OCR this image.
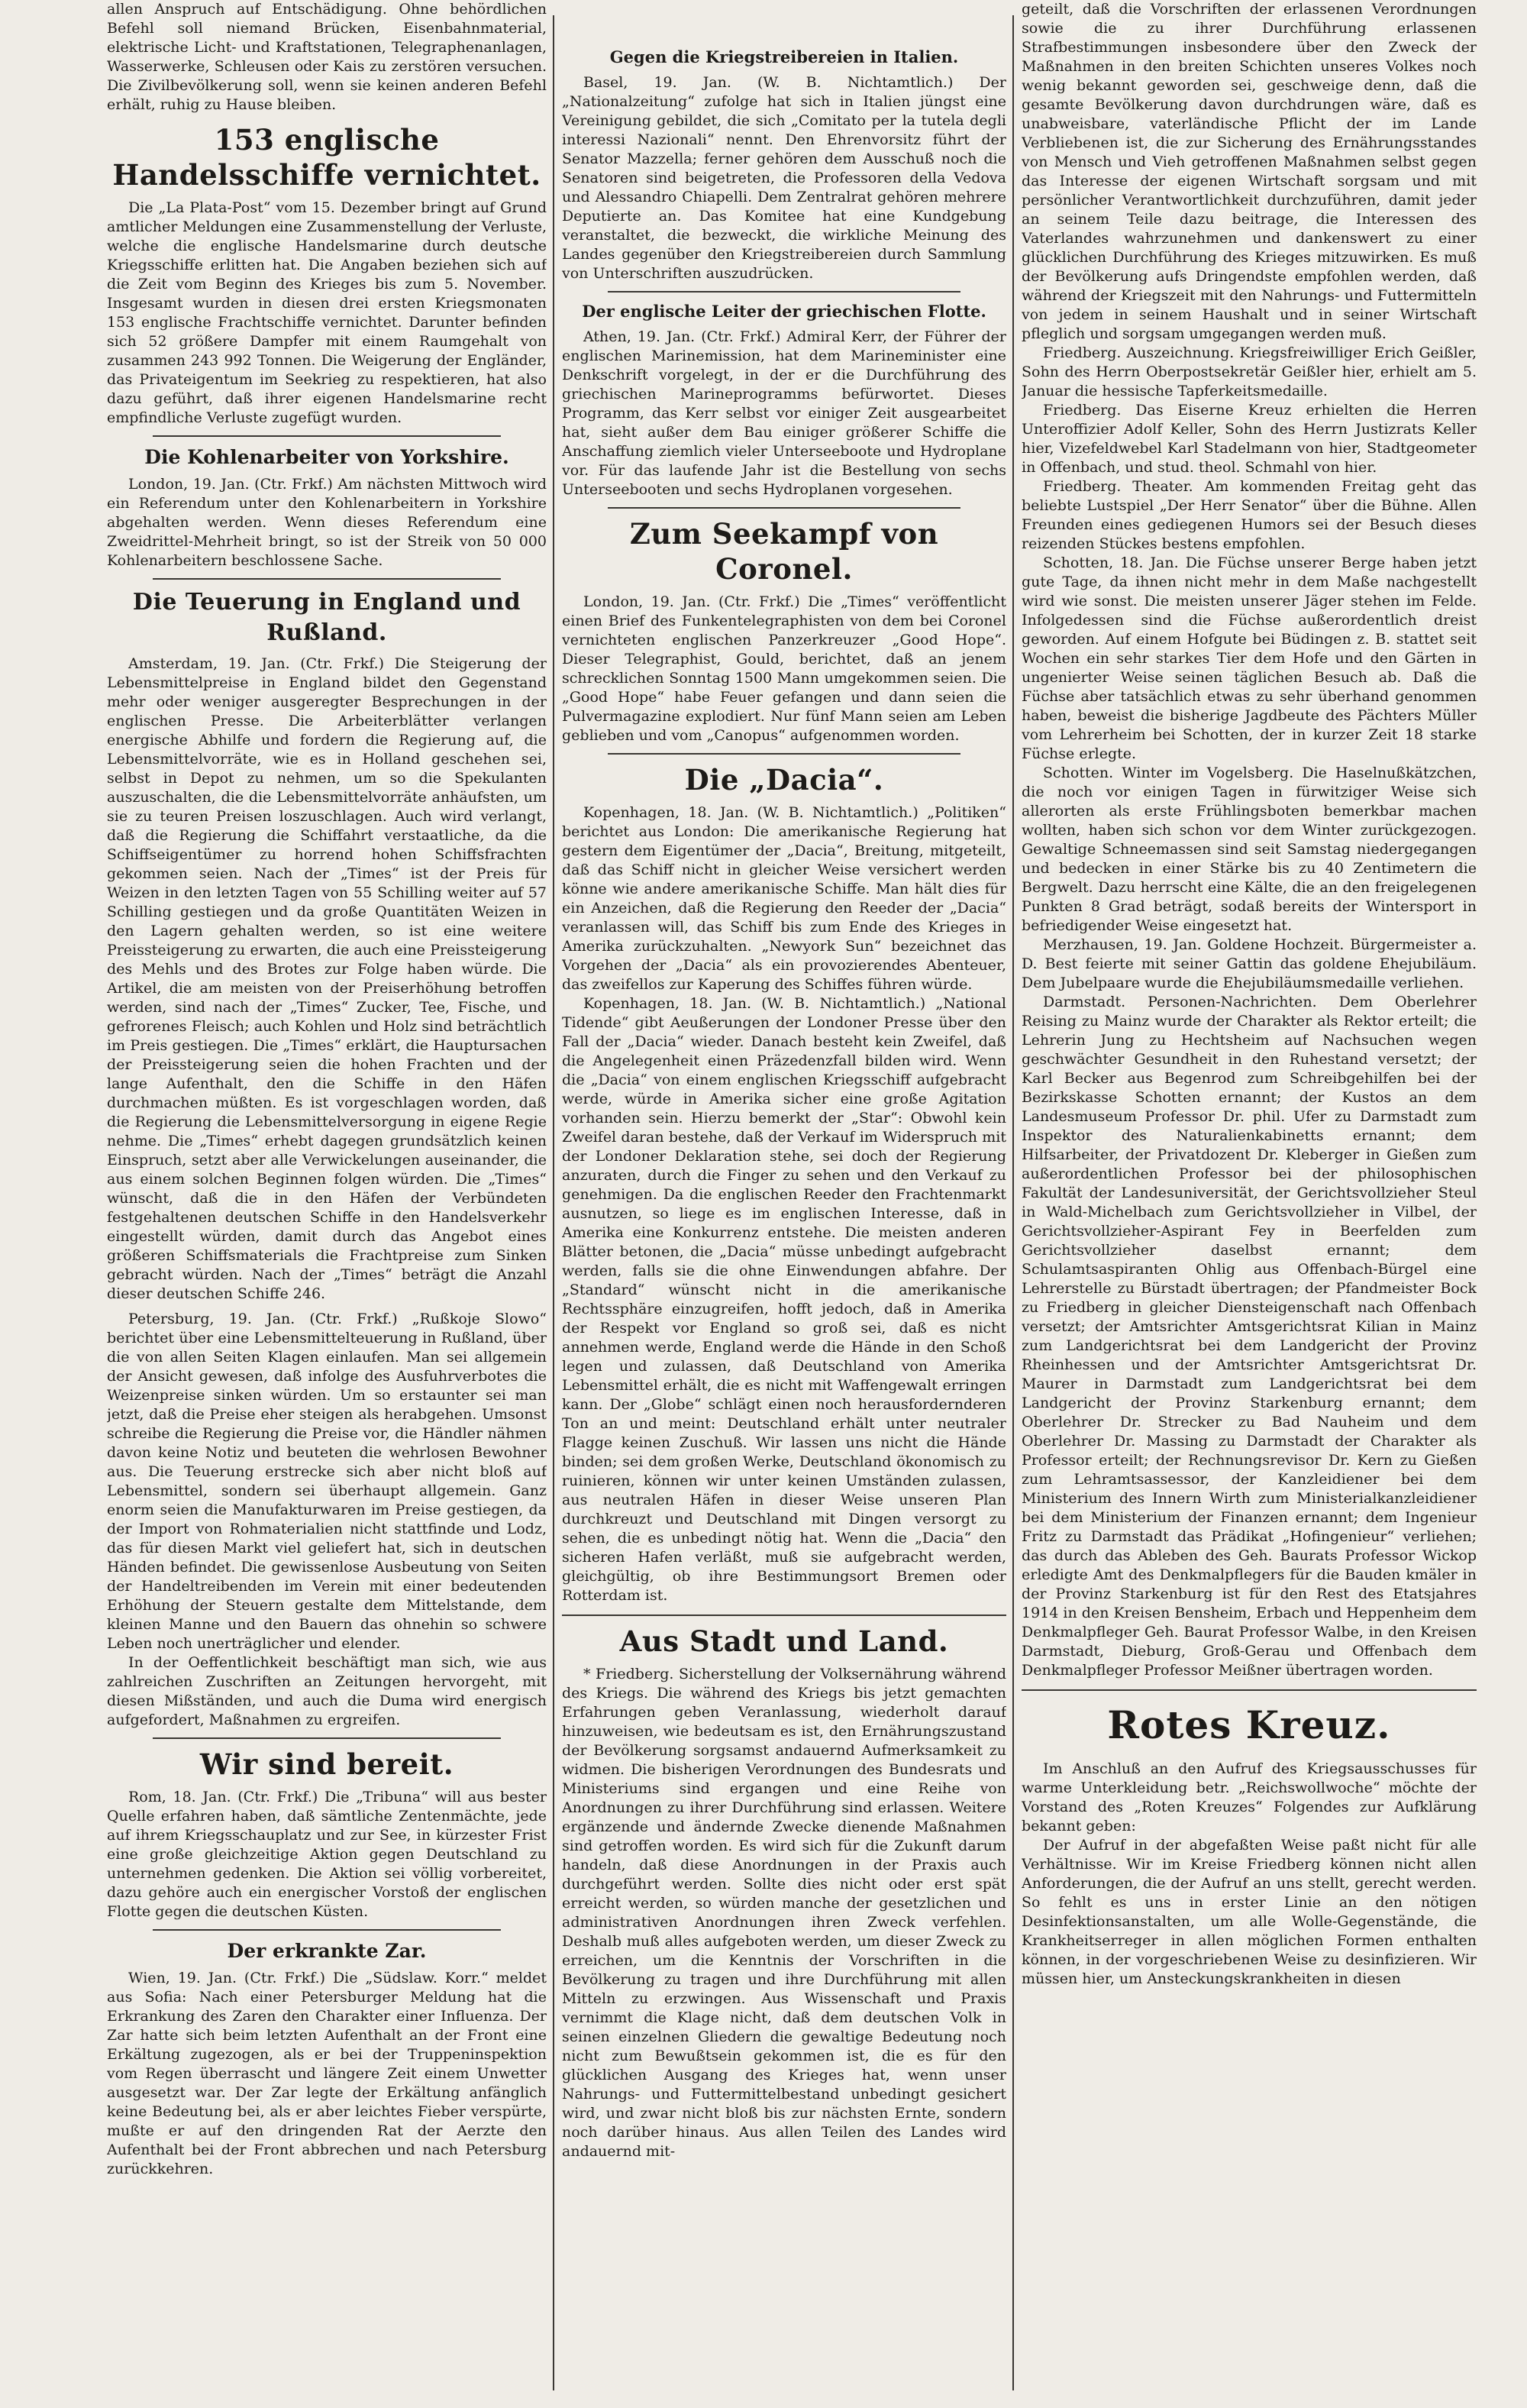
allen Anspruch auf Entschädigung. Ohne behördlichen Befehl soll niemand Brücken, Eisenbahnmaterial, elektrische Licht- und Kraftstationen, Telegraphenanlagen, Wasserwerke, Schleusen oder Kais zu zerstören versuchen. Die Zivilbevölkerung soll, wenn sie keinen anderen Befehl erhält, ruhig zu Hause bleiben.

153 englische Handelsschiffe vernichtet.

Die „La Plata-Post“ vom 15. Dezember bringt auf Grund amtlicher Meldungen eine Zusammenstellung der Verluste, welche die englische Handelsmarine durch deutsche Kriegsschiffe erlitten hat. Die Angaben beziehen sich auf die Zeit vom Beginn des Krieges bis zum 5. November. Insgesamt wurden in diesen drei ersten Kriegsmonaten 153 englische Frachtschiffe vernichtet. Darunter befinden sich 52 größere Dampfer mit einem Raumgehalt von zusammen 243 992 Tonnen. Die Weigerung der Engländer, das Privateigentum im Seekrieg zu respektieren, hat also dazu geführt, daß ihrer eigenen Handelsmarine recht empfindliche Verluste zugefügt wurden.

Die Kohlenarbeiter von Yorkshire.

London, 19. Jan. (Ctr. Frkf.) Am nächsten Mittwoch wird ein Referendum unter den Kohlenarbeitern in Yorkshire abgehalten werden. Wenn dieses Referendum eine Zweidrittel-Mehrheit bringt, so ist der Streik von 50 000 Kohlenarbeitern beschlossene Sache.

Die Teuerung in England und Rußland.

Amsterdam, 19. Jan. (Ctr. Frkf.) Die Steigerung der Lebensmittelpreise in England bildet den Gegenstand mehr oder weniger ausgeregter Besprechungen in der englischen Presse. Die Arbeiterblätter verlangen energische Abhilfe und fordern die Regierung auf, die Lebensmittelvorräte, wie es in Holland geschehen sei, selbst in Depot zu nehmen, um so die Spekulanten auszuschalten, die die Lebensmittelvorräte anhäufsten, um sie zu teuren Preisen loszuschlagen. Auch wird verlangt, daß die Regierung die Schiffahrt verstaatliche, da die Schiffseigentümer zu horrend hohen Schiffsfrachten gekommen seien. Nach der „Times“ ist der Preis für Weizen in den letzten Tagen von 55 Schilling weiter auf 57 Schilling gestiegen und da große Quantitäten Weizen in den Lagern gehalten werden, so ist eine weitere Preissteigerung zu erwarten, die auch eine Preissteigerung des Mehls und des Brotes zur Folge haben würde. Die Artikel, die am meisten von der Preiserhöhung betroffen werden, sind nach der „Times“ Zucker, Tee, Fische, und gefrorenes Fleisch; auch Kohlen und Holz sind beträchtlich im Preis gestiegen. Die „Times“ erklärt, die Hauptursachen der Preissteigerung seien die hohen Frachten und der lange Aufenthalt, den die Schiffe in den Häfen durchmachen müßten. Es ist vorgeschlagen worden, daß die Regierung die Lebensmittelversorgung in eigene Regie nehme. Die „Times“ erhebt dagegen grundsätzlich keinen Einspruch, setzt aber alle Verwickelungen auseinander, die aus einem solchen Beginnen folgen würden. Die „Times“ wünscht, daß die in den Häfen der Verbündeten festgehaltenen deutschen Schiffe in den Handelsverkehr eingestellt würden, damit durch das Angebot eines größeren Schiffsmaterials die Frachtpreise zum Sinken gebracht würden. Nach der „Times“ beträgt die Anzahl dieser deutschen Schiffe 246.

Petersburg, 19. Jan. (Ctr. Frkf.) „Rußkoje Slowo“ berichtet über eine Lebensmittelteuerung in Rußland, über die von allen Seiten Klagen einlaufen. Man sei allgemein der Ansicht gewesen, daß infolge des Ausfuhrverbotes die Weizenpreise sinken würden. Um so erstaunter sei man jetzt, daß die Preise eher steigen als herabgehen. Umsonst schreibe die Regierung die Preise vor, die Händler nähmen davon keine Notiz und beuteten die wehrlosen Bewohner aus. Die Teuerung erstrecke sich aber nicht bloß auf Lebensmittel, sondern sei überhaupt allgemein. Ganz enorm seien die Manufakturwaren im Preise gestiegen, da der Import von Rohmaterialien nicht stattfinde und Lodz, das für diesen Markt viel geliefert hat, sich in deutschen Händen befindet. Die gewissenlose Ausbeutung von Seiten der Handeltreibenden im Verein mit einer bedeutenden Erhöhung der Steuern gestalte dem Mittelstande, dem kleinen Manne und den Bauern das ohnehin so schwere Leben noch unerträglicher und elender.

In der Oeffentlichkeit beschäftigt man sich, wie aus zahlreichen Zuschriften an Zeitungen hervorgeht, mit diesen Mißständen, und auch die Duma wird energisch aufgefordert, Maßnahmen zu ergreifen.

Wir sind bereit.

Rom, 18. Jan. (Ctr. Frkf.) Die „Tribuna“ will aus bester Quelle erfahren haben, daß sämtliche Zentenmächte, jede auf ihrem Kriegsschauplatz und zur See, in kürzester Frist eine große gleichzeitige Aktion gegen Deutschland zu unternehmen gedenken. Die Aktion sei völlig vorbereitet, dazu gehöre auch ein energischer Vorstoß der englischen Flotte gegen die deutschen Küsten.

Der erkrankte Zar.

Wien, 19. Jan. (Ctr. Frkf.) Die „Südslaw. Korr.“ meldet aus Sofia: Nach einer Petersburger Meldung hat die Erkrankung des Zaren den Charakter einer Influenza. Der Zar hatte sich beim letzten Aufenthalt an der Front eine Erkältung zugezogen, als er bei der Truppeninspektion vom Regen überrascht und längere Zeit einem Unwetter ausgesetzt war. Der Zar legte der Erkältung anfänglich keine Bedeutung bei, als er aber leichtes Fieber verspürte, mußte er auf den dringenden Rat der Aerzte den Aufenthalt bei der Front abbrechen und nach Petersburg zurückkehren.

Gegen die Kriegstreibereien in Italien.

Basel, 19. Jan. (W. B. Nichtamtlich.) Der „Nationalzeitung“ zufolge hat sich in Italien jüngst eine Vereinigung gebildet, die sich „Comitato per la tutela degli interessi Nazionali“ nennt. Den Ehrenvorsitz führt der Senator Mazzella; ferner gehören dem Ausschuß noch die Senatoren sind beigetreten, die Professoren della Vedova und Alessandro Chiapelli. Dem Zentralrat gehören mehrere Deputierte an. Das Komitee hat eine Kundgebung veranstaltet, die bezweckt, die wirkliche Meinung des Landes gegenüber den Kriegstreibereien durch Sammlung von Unterschriften auszudrücken.

Der englische Leiter der griechischen Flotte.

Athen, 19. Jan. (Ctr. Frkf.) Admiral Kerr, der Führer der englischen Marinemission, hat dem Marineminister eine Denkschrift vorgelegt, in der er die Durchführung des griechischen Marineprogramms befürwortet. Dieses Programm, das Kerr selbst vor einiger Zeit ausgearbeitet hat, sieht außer dem Bau einiger größerer Schiffe die Anschaffung ziemlich vieler Unterseeboote und Hydroplane vor. Für das laufende Jahr ist die Bestellung von sechs Unterseebooten und sechs Hydroplanen vorgesehen.

Zum Seekampf von Coronel.

London, 19. Jan. (Ctr. Frkf.) Die „Times“ veröffentlicht einen Brief des Funkentelegraphisten von dem bei Coronel vernichteten englischen Panzerkreuzer „Good Hope“. Dieser Telegraphist, Gould, berichtet, daß an jenem schrecklichen Sonntag 1500 Mann umgekommen seien. Die „Good Hope“ habe Feuer gefangen und dann seien die Pulvermagazine explodiert. Nur fünf Mann seien am Leben geblieben und vom „Canopus“ aufgenommen worden.

Die „Dacia“.

Kopenhagen, 18. Jan. (W. B. Nichtamtlich.) „Politiken“ berichtet aus London: Die amerikanische Regierung hat gestern dem Eigentümer der „Dacia“, Breitung, mitgeteilt, daß das Schiff nicht in gleicher Weise versichert werden könne wie andere amerikanische Schiffe. Man hält dies für ein Anzeichen, daß die Regierung den Reeder der „Dacia“ veranlassen will, das Schiff bis zum Ende des Krieges in Amerika zurückzuhalten. „Newyork Sun“ bezeichnet das Vorgehen der „Dacia“ als ein provozierendes Abenteuer, das zweifellos zur Kaperung des Schiffes führen würde.

Kopenhagen, 18. Jan. (W. B. Nichtamtlich.) „National Tidende“ gibt Aeußerungen der Londoner Presse über den Fall der „Dacia“ wieder. Danach besteht kein Zweifel, daß die Angelegenheit einen Präzedenzfall bilden wird. Wenn die „Dacia“ von einem englischen Kriegsschiff aufgebracht werde, würde in Amerika sicher eine große Agitation vorhanden sein. Hierzu bemerkt der „Star“: Obwohl kein Zweifel daran bestehe, daß der Verkauf im Widerspruch mit der Londoner Deklaration stehe, sei doch der Regierung anzuraten, durch die Finger zu sehen und den Verkauf zu genehmigen. Da die englischen Reeder den Frachtenmarkt ausnutzen, so liege es im englischen Interesse, daß in Amerika eine Konkurrenz entstehe. Die meisten anderen Blätter betonen, die „Dacia“ müsse unbedingt aufgebracht werden, falls sie die ohne Einwendungen abfahre. Der „Standard“ wünscht nicht in die amerikanische Rechtssphäre einzugreifen, hofft jedoch, daß in Amerika der Respekt vor England so groß sei, daß es nicht annehmen werde, England werde die Hände in den Schoß legen und zulassen, daß Deutschland von Amerika Lebensmittel erhält, die es nicht mit Waffengewalt erringen kann. Der „Globe“ schlägt einen noch herausfordernderen Ton an und meint: Deutschland erhält unter neutraler Flagge keinen Zuschuß. Wir lassen uns nicht die Hände binden; sei dem großen Werke, Deutschland ökonomisch zu ruinieren, können wir unter keinen Umständen zulassen, aus neutralen Häfen in dieser Weise unseren Plan durchkreuzt und Deutschland mit Dingen versorgt zu sehen, die es unbedingt nötig hat. Wenn die „Dacia“ den sicheren Hafen verläßt, muß sie aufgebracht werden, gleichgültig, ob ihre Bestimmungsort Bremen oder Rotterdam ist.

Aus Stadt und Land.

* Friedberg. Sicherstellung der Volksernährung während des Kriegs. Die während des Kriegs bis jetzt gemachten Erfahrungen geben Veranlassung, wiederholt darauf hinzuweisen, wie bedeutsam es ist, den Ernährungszustand der Bevölkerung sorgsamst andauernd Aufmerksamkeit zu widmen. Die bisherigen Verordnungen des Bundesrats und Ministeriums sind ergangen und eine Reihe von Anordnungen zu ihrer Durchführung sind erlassen. Weitere ergänzende und ändernde Zwecke dienende Maßnahmen sind getroffen worden. Es wird sich für die Zukunft darum handeln, daß diese Anordnungen in der Praxis auch durchgeführt werden. Sollte dies nicht oder erst spät erreicht werden, so würden manche der gesetzlichen und administrativen Anordnungen ihren Zweck verfehlen. Deshalb muß alles aufgeboten werden, um dieser Zweck zu erreichen, um die Kenntnis der Vorschriften in die Bevölkerung zu tragen und ihre Durchführung mit allen Mitteln zu erzwingen. Aus Wissenschaft und Praxis vernimmt die Klage nicht, daß dem deutschen Volk in seinen einzelnen Gliedern die gewaltige Bedeutung noch nicht zum Bewußtsein gekommen ist, die es für den glücklichen Ausgang des Krieges hat, wenn unser Nahrungs- und Futtermittelbestand unbedingt gesichert wird, und zwar nicht bloß bis zur nächsten Ernte, sondern noch darüber hinaus. Aus allen Teilen des Landes wird andauernd mit-

geteilt, daß die Vorschriften der erlassenen Verordnungen sowie die zu ihrer Durchführung erlassenen Strafbestimmungen insbesondere über den Zweck der Maßnahmen in den breiten Schichten unseres Volkes noch wenig bekannt geworden sei, geschweige denn, daß die gesamte Bevölkerung davon durchdrungen wäre, daß es unabweisbare, vaterländische Pflicht der im Lande Verbliebenen ist, die zur Sicherung des Ernährungsstandes von Mensch und Vieh getroffenen Maßnahmen selbst gegen das Interesse der eigenen Wirtschaft sorgsam und mit persönlicher Verantwortlichkeit durchzuführen, damit jeder an seinem Teile dazu beitrage, die Interessen des Vaterlandes wahrzunehmen und dankenswert zu einer glücklichen Durchführung des Krieges mitzuwirken. Es muß der Bevölkerung aufs Dringendste empfohlen werden, daß während der Kriegszeit mit den Nahrungs- und Futtermitteln von jedem in seinem Haushalt und in seiner Wirtschaft pfleglich und sorgsam umgegangen werden muß.

Friedberg. Auszeichnung. Kriegsfreiwilliger Erich Geißler, Sohn des Herrn Oberpostsekretär Geißler hier, erhielt am 5. Januar die hessische Tapferkeitsmedaille.

Friedberg. Das Eiserne Kreuz erhielten die Herren Unteroffizier Adolf Keller, Sohn des Herrn Justizrats Keller hier, Vizefeldwebel Karl Stadelmann von hier, Stadtgeometer in Offenbach, und stud. theol. Schmahl von hier.

Friedberg. Theater. Am kommenden Freitag geht das beliebte Lustspiel „Der Herr Senator“ über die Bühne. Allen Freunden eines gediegenen Humors sei der Besuch dieses reizenden Stückes bestens empfohlen.

Schotten, 18. Jan. Die Füchse unserer Berge haben jetzt gute Tage, da ihnen nicht mehr in dem Maße nachgestellt wird wie sonst. Die meisten unserer Jäger stehen im Felde. Infolgedessen sind die Füchse außerordentlich dreist geworden. Auf einem Hofgute bei Büdingen z. B. stattet seit Wochen ein sehr starkes Tier dem Hofe und den Gärten in ungenierter Weise seinen täglichen Besuch ab. Daß die Füchse aber tatsächlich etwas zu sehr überhand genommen haben, beweist die bisherige Jagdbeute des Pächters Müller vom Lehrerheim bei Schotten, der in kurzer Zeit 18 starke Füchse erlegte.

Schotten. Winter im Vogelsberg. Die Haselnußkätzchen, die noch vor einigen Tagen in fürwitziger Weise sich allerorten als erste Frühlingsboten bemerkbar machen wollten, haben sich schon vor dem Winter zurückgezogen. Gewaltige Schneemassen sind seit Samstag niedergegangen und bedecken in einer Stärke bis zu 40 Zentimetern die Bergwelt. Dazu herrscht eine Kälte, die an den freigelegenen Punkten 8 Grad beträgt, sodaß bereits der Wintersport in befriedigender Weise eingesetzt hat.

Merzhausen, 19. Jan. Goldene Hochzeit. Bürgermeister a. D. Best feierte mit seiner Gattin das goldene Ehejubiläum. Dem Jubelpaare wurde die Ehejubiläumsmedaille verliehen.

Darmstadt. Personen-Nachrichten. Dem Oberlehrer Reising zu Mainz wurde der Charakter als Rektor erteilt; die Lehrerin Jung zu Hechtsheim auf Nachsuchen wegen geschwächter Gesundheit in den Ruhestand versetzt; der Karl Becker aus Begenrod zum Schreibgehilfen bei der Bezirkskasse Schotten ernannt; der Kustos an dem Landesmuseum Professor Dr. phil. Ufer zu Darmstadt zum Inspektor des Naturalienkabinetts ernannt; dem Hilfsarbeiter, der Privatdozent Dr. Kleberger in Gießen zum außerordentlichen Professor bei der philosophischen Fakultät der Landesuniversität, der Gerichtsvollzieher Steul in Wald-Michelbach zum Gerichtsvollzieher in Vilbel, der Gerichtsvollzieher-Aspirant Fey in Beerfelden zum Gerichtsvollzieher daselbst ernannt; dem Schulamtsaspiranten Ohlig aus Offenbach-Bürgel eine Lehrerstelle zu Bürstadt übertragen; der Pfandmeister Bock zu Friedberg in gleicher Diensteigenschaft nach Offenbach versetzt; der Amtsrichter Amtsgerichtsrat Kilian in Mainz zum Landgerichtsrat bei dem Landgericht der Provinz Rheinhessen und der Amtsrichter Amtsgerichtsrat Dr. Maurer in Darmstadt zum Landgerichtsrat bei dem Landgericht der Provinz Starkenburg ernannt; dem Oberlehrer Dr. Strecker zu Bad Nauheim und dem Oberlehrer Dr. Massing zu Darmstadt der Charakter als Professor erteilt; der Rechnungsrevisor Dr. Kern zu Gießen zum Lehramtsassessor, der Kanzleidiener bei dem Ministerium des Innern Wirth zum Ministerialkanzleidiener bei dem Ministerium der Finanzen ernannt; dem Ingenieur Fritz zu Darmstadt das Prädikat „Hofingenieur“ verliehen; das durch das Ableben des Geh. Baurats Professor Wickop erledigte Amt des Denkmalpflegers für die Bauden kmäler in der Provinz Starkenburg ist für den Rest des Etatsjahres 1914 in den Kreisen Bensheim, Erbach und Heppenheim dem Denkmalpfleger Geh. Baurat Professor Walbe, in den Kreisen Darmstadt, Dieburg, Groß-Gerau und Offenbach dem Denkmalpfleger Professor Meißner übertragen worden.

Rotes Kreuz.

Im Anschluß an den Aufruf des Kriegsausschusses für warme Unterkleidung betr. „Reichswollwoche“ möchte der Vorstand des „Roten Kreuzes“ Folgendes zur Aufklärung bekannt geben:

Der Aufruf in der abgefaßten Weise paßt nicht für alle Verhältnisse. Wir im Kreise Friedberg können nicht allen Anforderungen, die der Aufruf an uns stellt, gerecht werden. So fehlt es uns in erster Linie an den nötigen Desinfektionsanstalten, um alle Wolle-Gegenstände, die Krankheitserreger in allen möglichen Formen enthalten können, in der vorgeschriebenen Weise zu desinfizieren. Wir müssen hier, um Ansteckungskrankheiten in diesen
